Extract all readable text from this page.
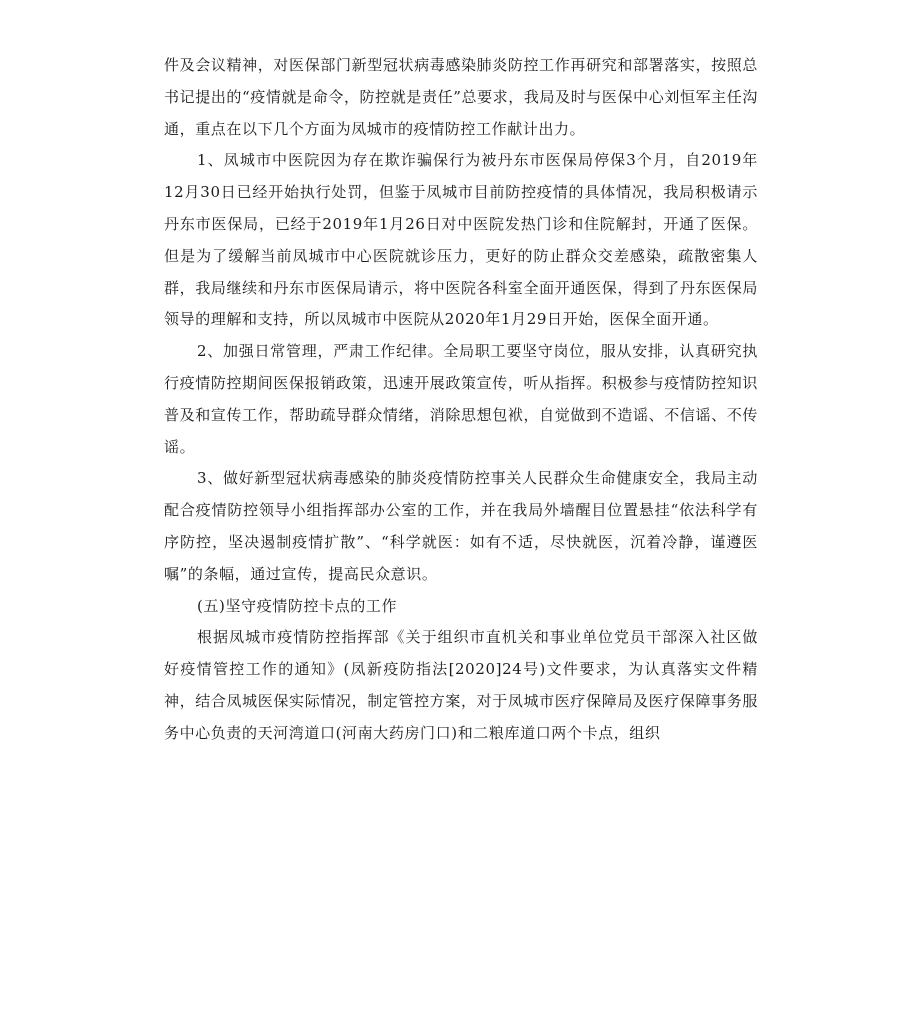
件及会议精神，对医保部门新型冠状病毒感染肺炎防控工作再研究和部署落实，按照总书记提出的“疫情就是命令，防控就是责任”总要求，我局及时与医保中心刘恒军主任沟通，重点在以下几个方面为凤城市的疫情防控工作献计出力。

1、凤城市中医院因为存在欺诈骗保行为被丹东市医保局停保3个月，自2019年12月30日已经开始执行处罚，但鉴于凤城市目前防控疫情的具体情况，我局积极请示丹东市医保局，已经于2019年1月26日对中医院发热门诊和住院解封，开通了医保。但是为了缓解当前凤城市中心医院就诊压力，更好的防止群众交差感染，疏散密集人群，我局继续和丹东市医保局请示，将中医院各科室全面开通医保，得到了丹东医保局领导的理解和支持，所以凤城市中医院从2020年1月29日开始，医保全面开通。

2、加强日常管理，严肃工作纪律。全局职工要坚守岗位，服从安排，认真研究执行疫情防控期间医保报销政策，迅速开展政策宣传，听从指挥。积极参与疫情防控知识普及和宣传工作，帮助疏导群众情绪，消除思想包袱，自觉做到不造谣、不信谣、不传谣。

3、做好新型冠状病毒感染的肺炎疫情防控事关人民群众生命健康安全，我局主动配合疫情防控领导小组指挥部办公室的工作，并在我局外墙醒目位置悬挂“依法科学有序防控，坚决遏制疫情扩散”、“科学就医：如有不适，尽快就医，沉着冷静，谨遵医嘱”的条幅，通过宣传，提高民众意识。

(五)坚守疫情防控卡点的工作

根据凤城市疫情防控指挥部《关于组织市直机关和事业单位党员干部深入社区做好疫情管控工作的通知》(凤新疫防指法[2020]24号)文件要求，为认真落实文件精神，结合凤城医保实际情况，制定管控方案，对于凤城市医疗保障局及医疗保障事务服务中心负责的天河湾道口(河南大药房门口)和二粮库道口两个卡点，组织
